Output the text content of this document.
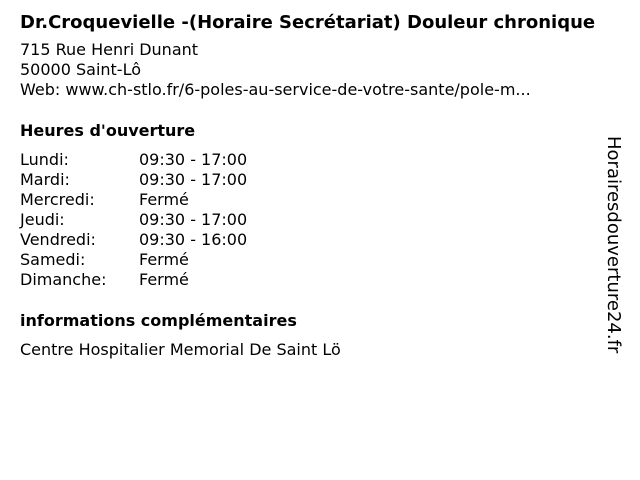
Dr.Croquevielle -(Horaire Secrétariat) Douleur chronique
715 Rue Henri Dunant
50000 Saint-Lô
Web: www.ch-stlo.fr/6-poles-au-service-de-votre-sante/pole-m...
Heures d'ouverture
Lundi:	09:30 - 17:00
Mardi:	09:30 - 17:00
Mercredi:	Fermé
Jeudi:	09:30 - 17:00
Vendredi:	09:30 - 16:00
Samedi:	Fermé
Dimanche:	Fermé
informations complémentaires
Centre Hospitalier Memorial De Saint Lö	Horairesdouverture24.fr
